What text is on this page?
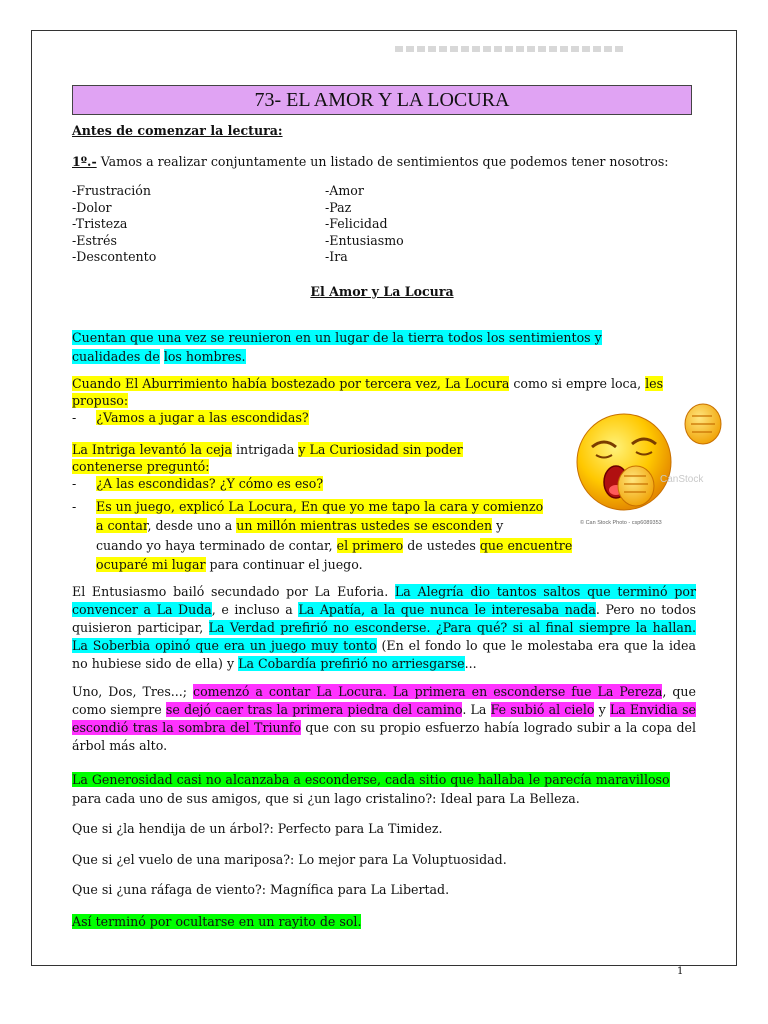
73- EL AMOR Y LA LOCURA
Antes de comenzar la lectura:
1º.- Vamos a realizar conjuntamente un listado de sentimientos que podemos tener nosotros:
-Frustración
-Dolor
-Tristeza
-Estrés
-Descontento
-Amor
-Paz
-Felicidad
-Entusiasmo
-Ira
El Amor y La Locura
Cuentan que una vez se reunieron en un lugar de la tierra todos los sentimientos y
cualidades de los hombres.
Cuando El Aburrimiento había bostezado por tercera vez, La Locura como si empre loca, les
propuso:
- ¿Vamos a jugar a las escondidas?
La Intriga levantó la ceja intrigada y La Curiosidad sin poder
contenerse preguntó:
- ¿A las escondidas? ¿Y cómo es eso?
- Es un juego, explicó La Locura, En que yo me tapo la cara y comienzo
a contar, desde uno a un millón mientras ustedes se esconden y
cuando yo haya terminado de contar, el primero de ustedes que encuentre
ocuparé mi lugar para continuar el juego.
El Entusiasmo bailó secundado por La Euforia. La Alegría dio tantos saltos que terminó por convencer a La Duda, e incluso a La Apatía, a la que nunca le interesaba nada. Pero no todos quisieron participar, La Verdad prefirió no esconderse. ¿Para qué? si al final siempre la hallan. La Soberbia opinó que era un juego muy tonto (En el fondo lo que le molestaba era que la idea no hubiese sido de ella) y La Cobardía prefirió no arriesgarse...
Uno, Dos, Tres...; comenzó a contar La Locura. La primera en esconderse fue La Pereza, que como siempre se dejó caer tras la primera piedra del camino. La Fe subió al cielo y La Envidia se escondió tras la sombra del Triunfo que con su propio esfuerzo había logrado subir a la copa del árbol más alto.
La Generosidad casi no alcanzaba a esconderse, cada sitio que hallaba le parecía maravilloso
para cada uno de sus amigos, que si ¿un lago cristalino?: Ideal para La Belleza.
Que si ¿la hendija de un árbol?: Perfecto para La Timidez.
Que si ¿el vuelo de una mariposa?: Lo mejor para La Voluptuosidad.
Que si ¿una ráfaga de viento?: Magnífica para La Libertad.
Así terminó por ocultarse en un rayito de sol.
CanStock
© Can Stock Photo - csp6089353
1
